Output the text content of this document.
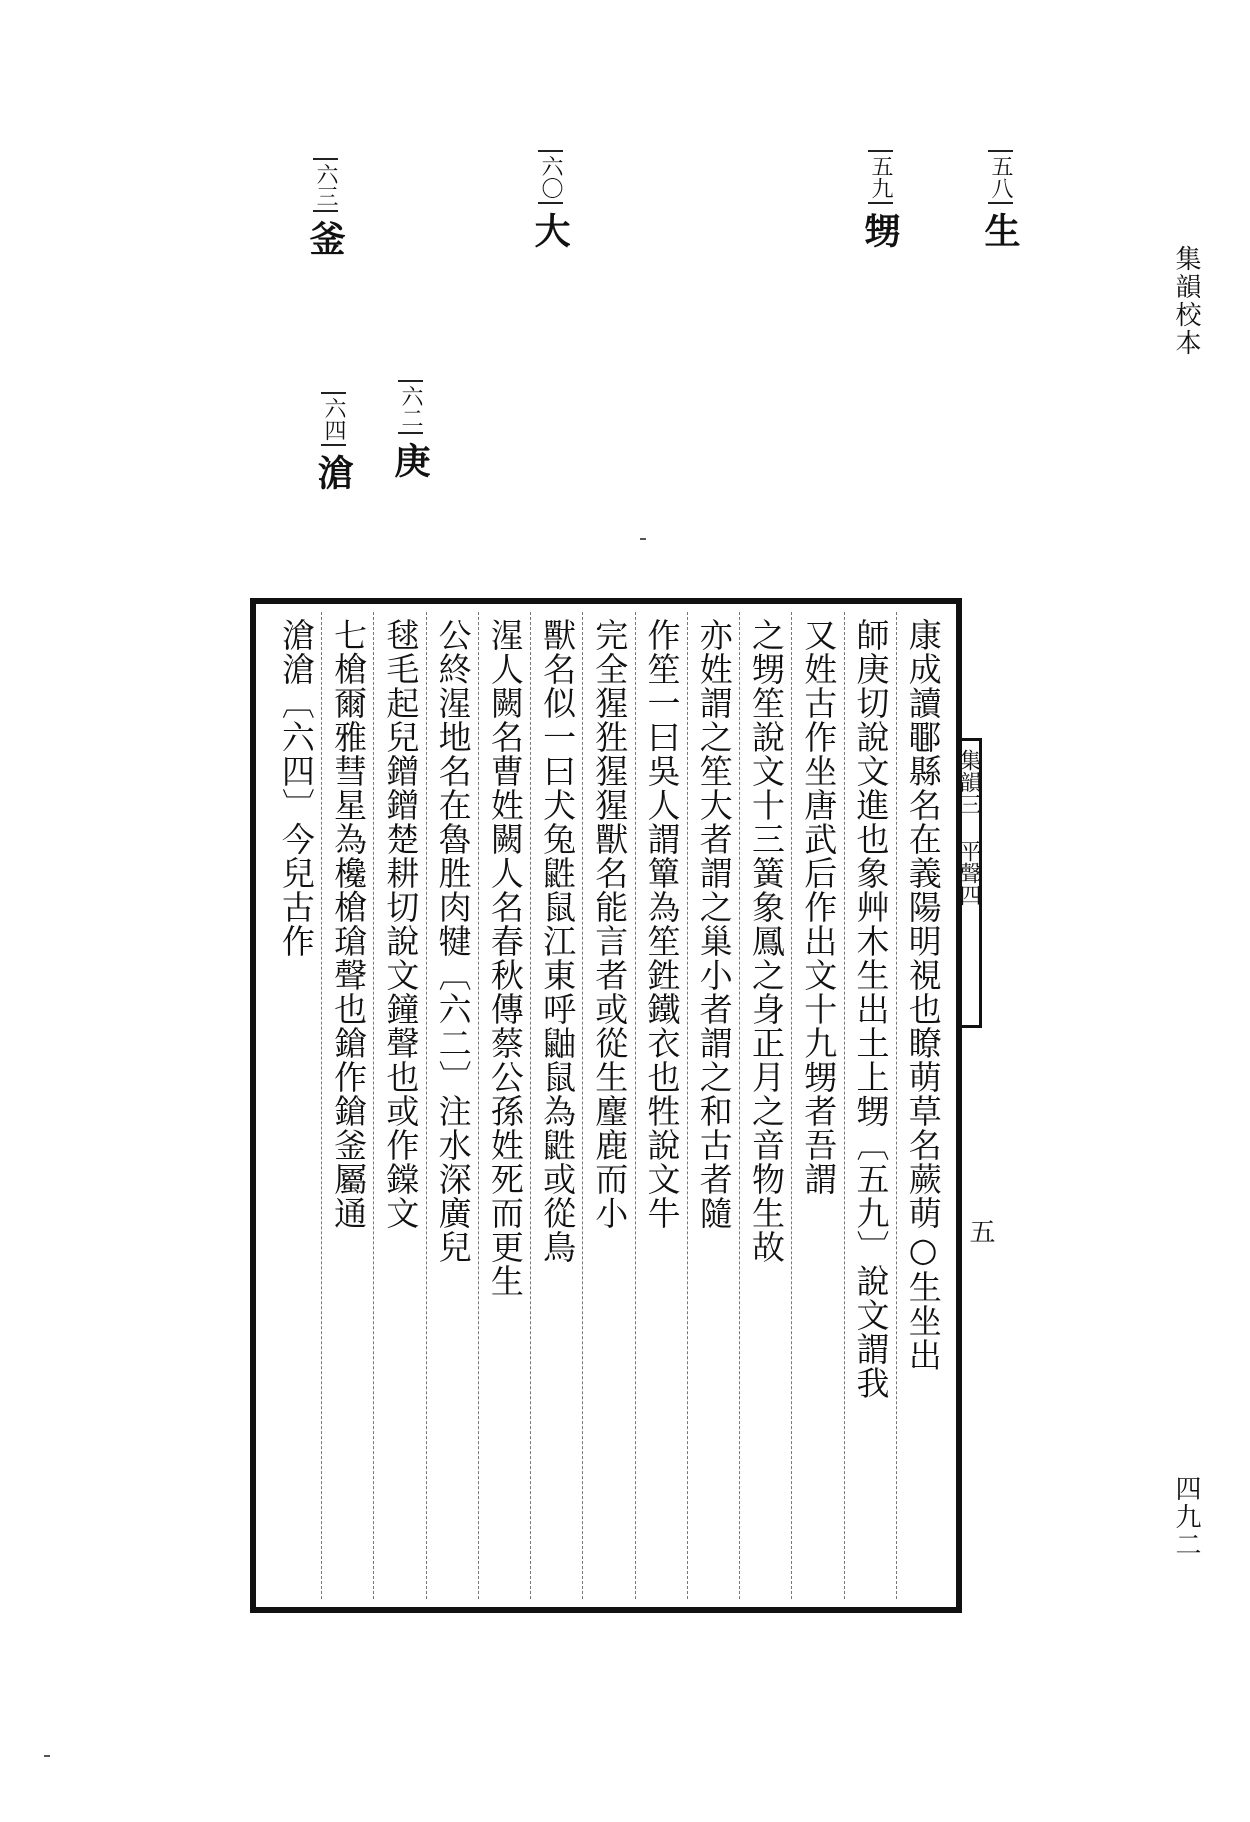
集韻校本
四九二
五八生
五九甥
六〇大
六三釜
六二庚
六四滄
康成讀鄳縣名在義陽明視也瞭萌草名蕨萌○生坐出
師庚切說文進也象艸木生出土上甥〔五九〕說文謂我
又姓古作坐唐武后作出文十九甥者吾謂
之甥笙說文十三簧象鳳之身正月之音物生故
亦姓謂之笙大者謂之巢小者謂之和古者隨
作笙一曰吳人謂簞為笙鉎鐵衣也牲說文牛
完全猩狌猩猩獸名能言者或從生麈鹿而小
獸名似一曰犬兔鼪鼠江東呼鼬鼠為鼪或從鳥
湦人闕名曹姓闕人名春秋傳蔡公孫姓死而更生
公終湦地名在魯胜肉犍〔六二〕注水深廣兒
毬毛起兒鏳鏳楚耕切說文鐘聲也或作鏿文
七槍爾雅彗星為欃槍瑲聲也鎗作鎗釜屬通
滄滄〔六四〕今兒古作	集韻三 平聲四
五
